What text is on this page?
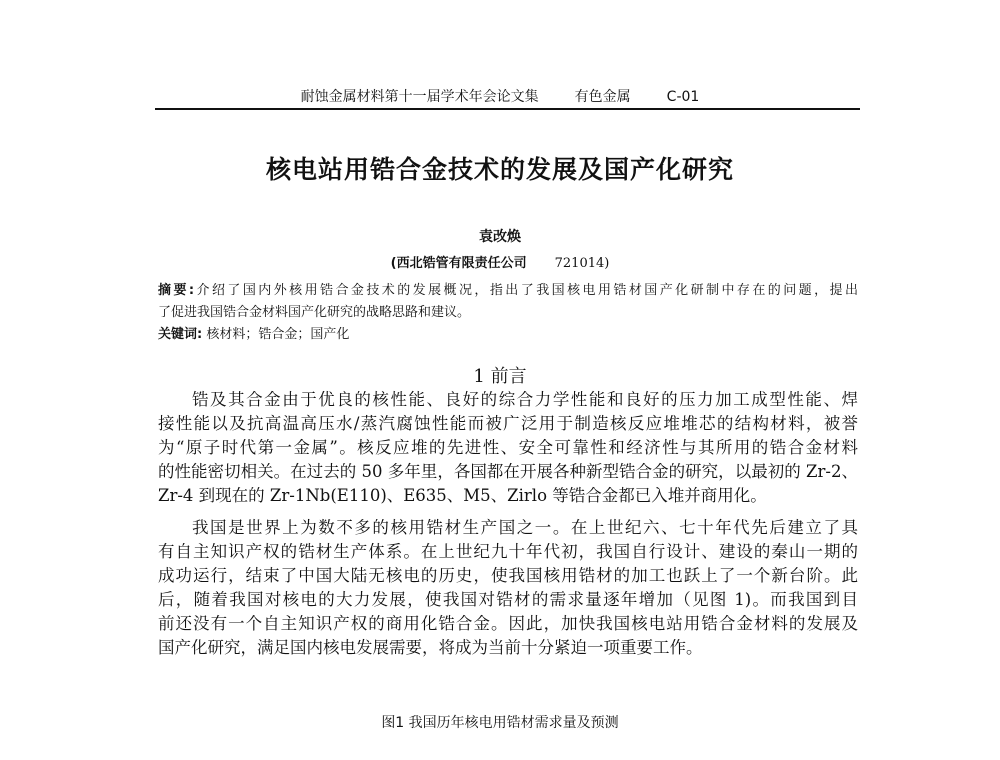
耐蚀金属材料第十一届学术年会论文集	有色金属	C-01
核电站用锆合金技术的发展及国产化研究
袁改焕
(西北锆管有限责任公司 721014)
摘要:介绍了国内外核用锆合金技术的发展概况，指出了我国核电用锆材国产化研制中存在的问题，提出
了促进我国锆合金材料国产化研究的战略思路和建议。
关键词: 核材料；锆合金；国产化
1 前言
锆及其合金由于优良的核性能、良好的综合力学性能和良好的压力加工成型性能、焊
接性能以及抗高温高压水/蒸汽腐蚀性能而被广泛用于制造核反应堆堆芯的结构材料，被誉
为“原子时代第一金属”。核反应堆的先进性、安全可靠性和经济性与其所用的锆合金材料
的性能密切相关。在过去的 50 多年里，各国都在开展各种新型锆合金的研究，以最初的 Zr-2、
Zr-4 到现在的 Zr-1Nb(E110)、E635、M5、Zirlo 等锆合金都已入堆并商用化。
我国是世界上为数不多的核用锆材生产国之一。在上世纪六、七十年代先后建立了具
有自主知识产权的锆材生产体系。在上世纪九十年代初，我国自行设计、建设的秦山一期的
成功运行，结束了中国大陆无核电的历史，使我国核用锆材的加工也跃上了一个新台阶。此
后，随着我国对核电的大力发展，使我国对锆材的需求量逐年增加（见图 1)。而我国到目
前还没有一个自主知识产权的商用化锆合金。因此，加快我国核电站用锆合金材料的发展及
国产化研究，满足国内核电发展需要，将成为当前十分紧迫一项重要工作。
图1 我国历年核电用锆材需求量及预测
